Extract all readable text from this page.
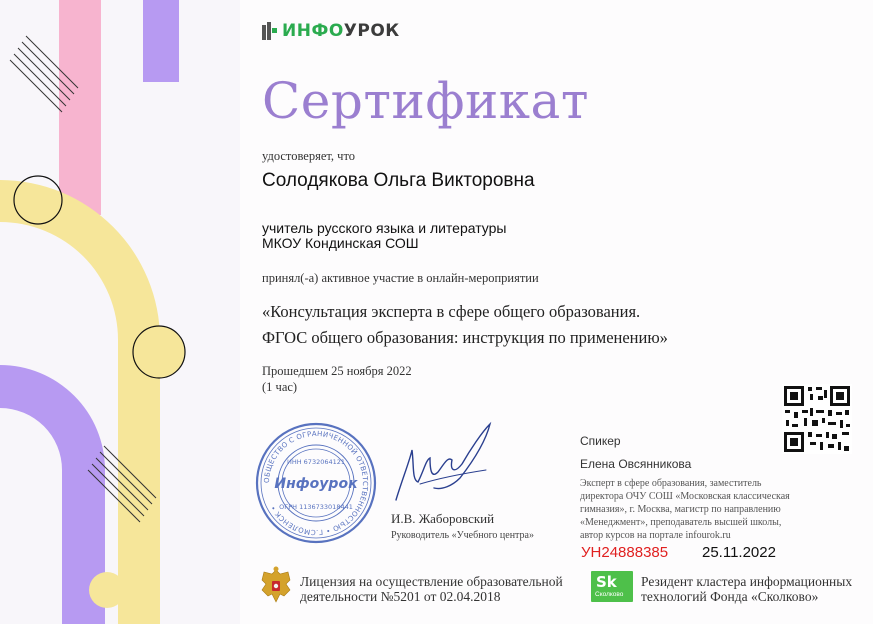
ИНФО УРОК
Сертификат
удостоверяет, что
Солодякова Ольга Викторовна
учитель русского языка и литературы
МКОУ Кондинская СОШ
принял(-а) активное участие в онлайн-мероприятии
«Консультация эксперта в сфере общего образования.
ФГОС общего образования: инструкция по применению»
Прошедшем 25 ноября 2022
(1 час)
ОБЩЕСТВО С ОГРАНИЧЕННОЙ ОТВЕТСТВЕННОСТЬЮ • Г.СМОЛЕНСК •
ИНН 6732064121
Инфоурок
ОГРН 1136733018441
И.В. Жаборовский
Руководитель «Учебного центра»
Спикер
Елена Овсянникова
Эксперт в сфере образования, заместитель
директора ОЧУ СОШ «Московская классическая
гимназия», г. Москва, магистр по направлению
«Менеджмент», преподаватель высшей школы,
автор курсов на портале infourok.ru
УН24888385 25.11.2022
Лицензия на осуществление образовательной
деятельности №5201 от 02.04.2018
Sk
Сколково
Резидент кластера информационных
технологий Фонда «Сколково»
